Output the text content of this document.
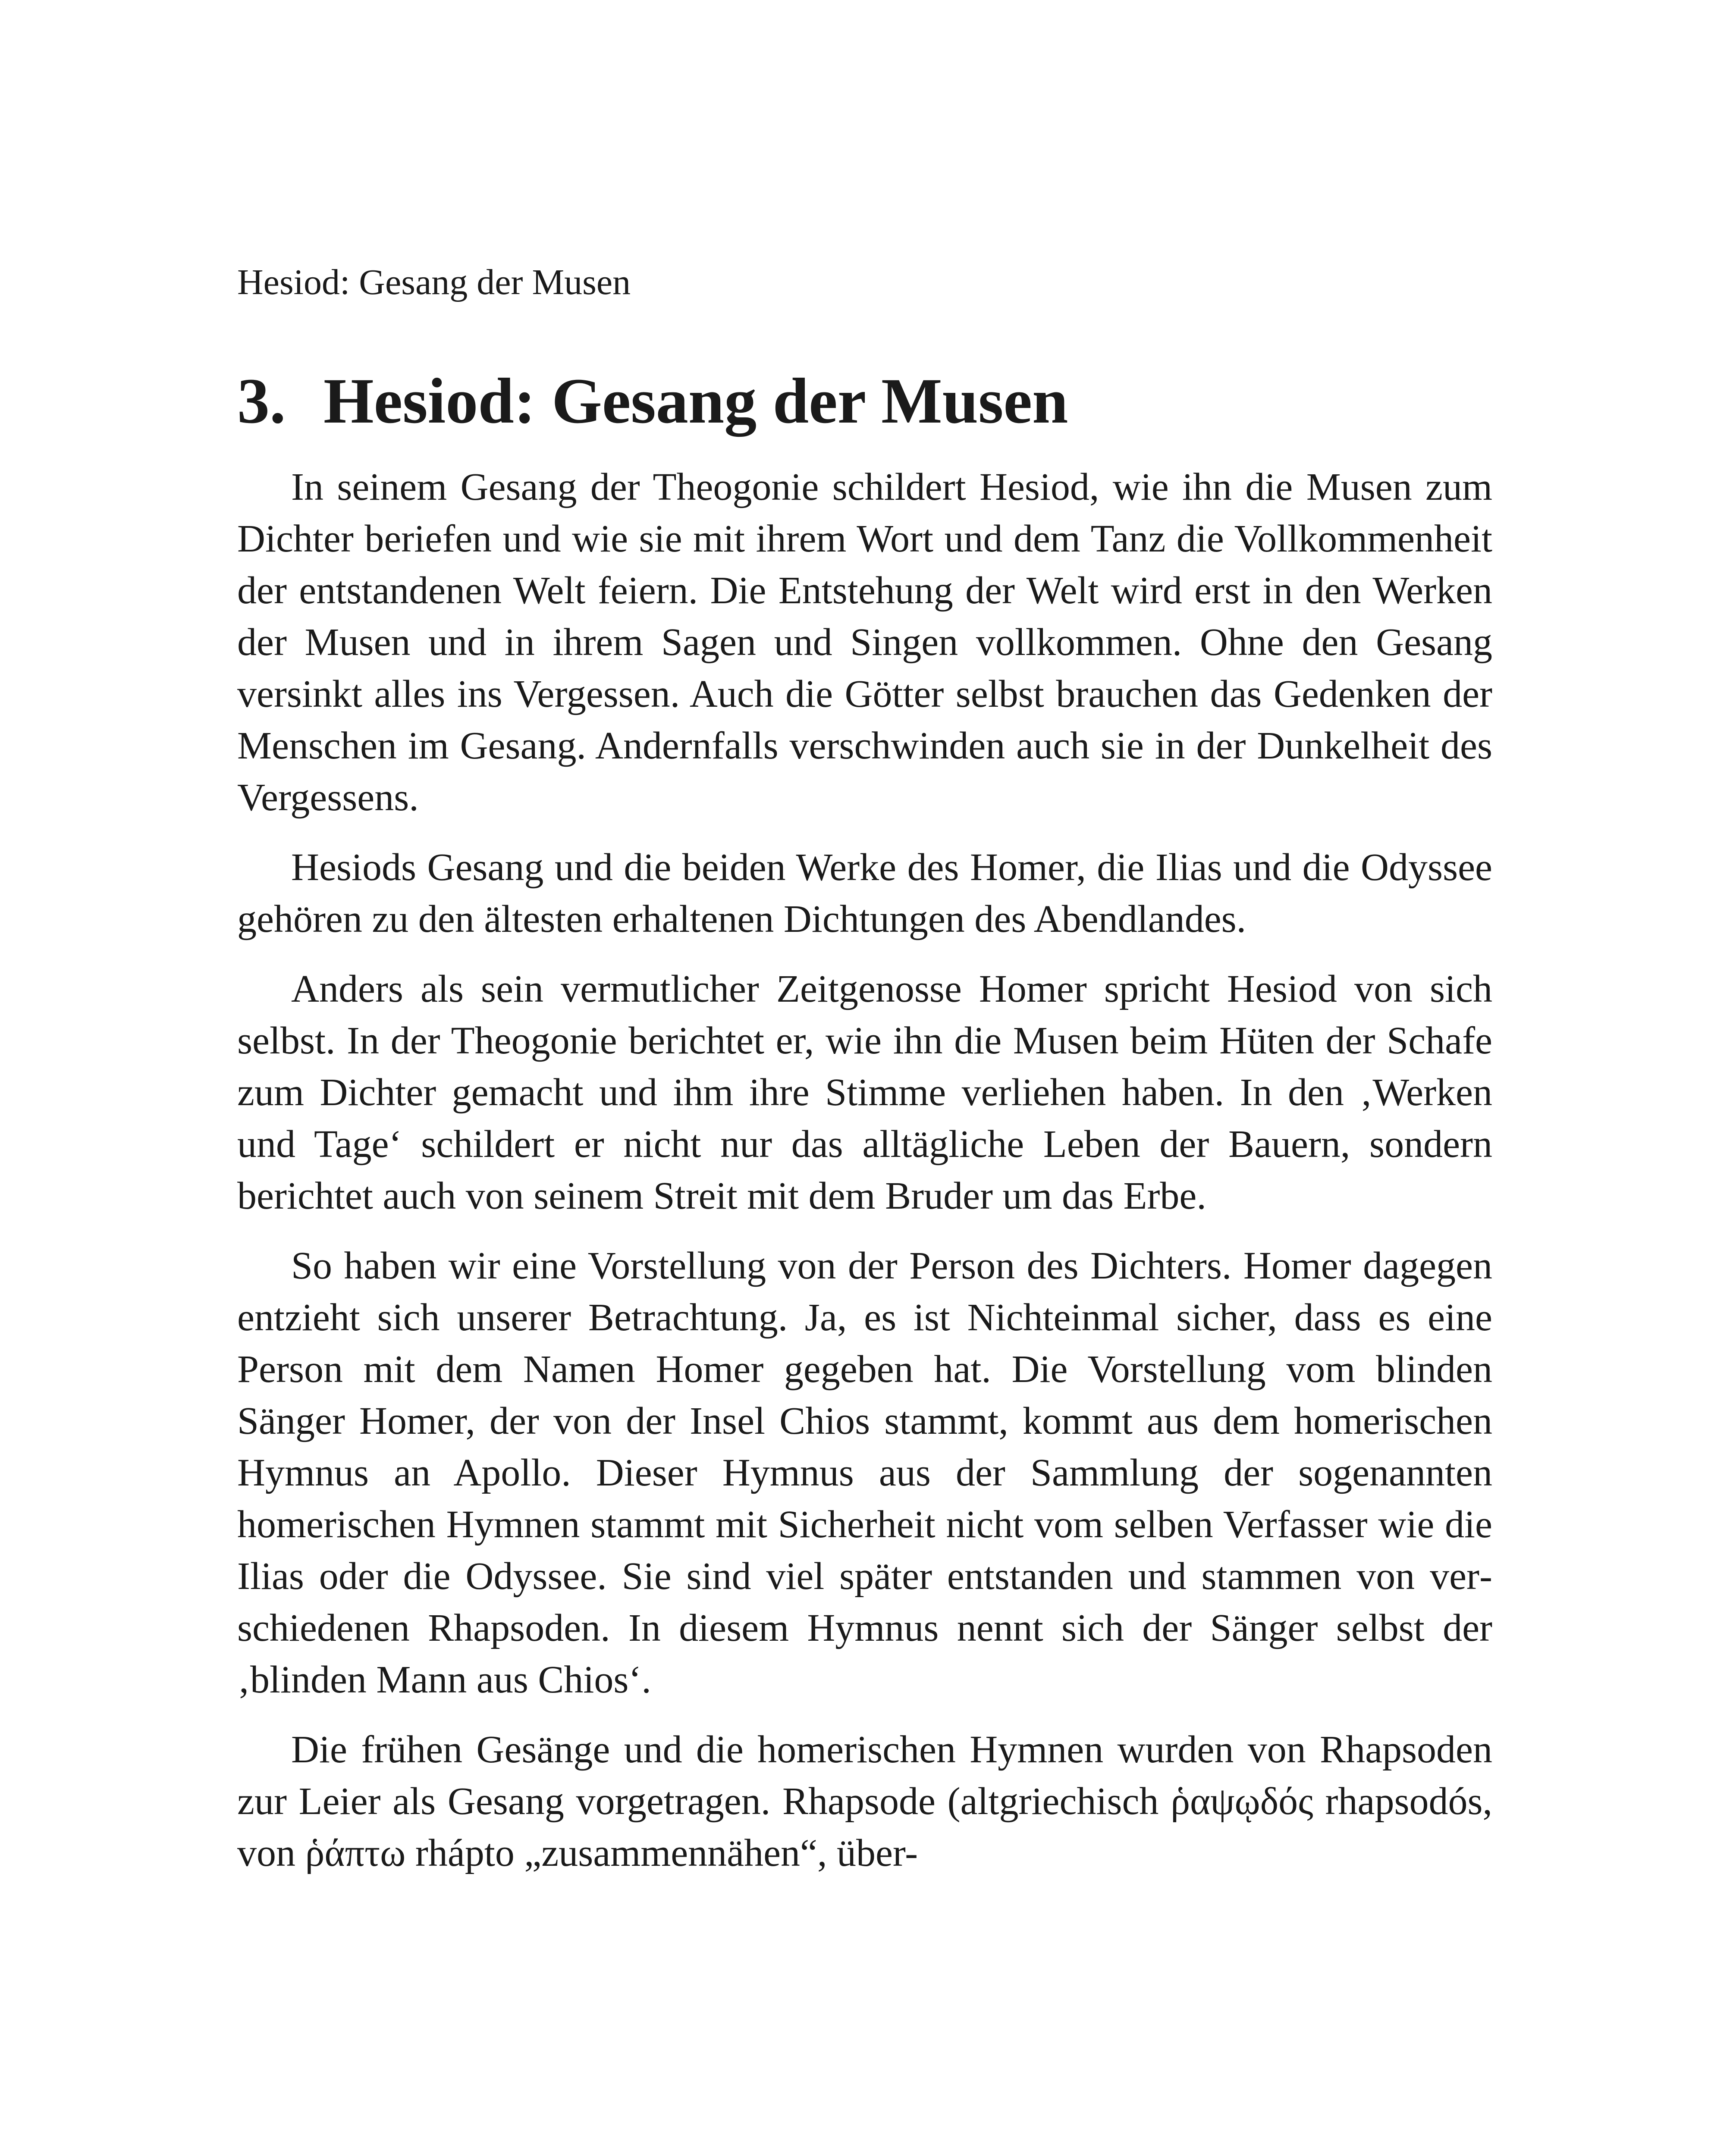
Hesiod: Gesang der Musen

3. Hesiod: Gesang der Musen

In seinem Gesang der Theogonie schildert Hesiod, wie ihn die Musen zum Dichter beriefen und wie sie mit ihrem Wort und dem Tanz die Vollkommenheit der entstandenen Welt feiern. Die Entstehung der Welt wird erst in den Werken der Musen und in ihrem Sagen und Singen vollkommen. Ohne den Gesang versinkt alles ins Vergessen. Auch die Götter selbst brauchen das Gedenken der Menschen im Gesang. Andernfalls verschwinden auch sie in der Dunkelheit des Vergessens.

Hesiods Gesang und die beiden Werke des Homer, die Ilias und die Odyssee gehören zu den ältesten erhaltenen Dichtungen des Abendlandes.

Anders als sein vermutlicher Zeitgenosse Homer spricht Hesiod von sich selbst. In der Theogonie berichtet er, wie ihn die Musen beim Hüten der Schafe zum Dichter gemacht und ihm ihre Stimme verliehen haben. In den ‚Werken und Tage‘ schildert er nicht nur das alltägliche Leben der Bauern, sondern berichtet auch von seinem Streit mit dem Bruder um das Erbe.

So haben wir eine Vorstellung von der Person des Dichters. Homer dagegen entzieht sich unserer Betrachtung. Ja, es ist Nichteinmal sicher, dass es eine Person mit dem Namen Homer gegeben hat. Die Vorstellung vom blinden Sänger Homer, der von der Insel Chios stammt, kommt aus dem homerischen Hymnus an Apollo. Dieser Hymnus aus der Sammlung der sogenannten homerischen Hymnen stammt mit Sicherheit nicht vom selben Verfasser wie die Ilias oder die Odyssee. Sie sind viel später entstanden und stammen von verschiedenen Rhapsoden. In diesem Hymnus nennt sich der Sänger selbst der ‚blinden Mann aus Chios‘.

Die frühen Gesänge und die homerischen Hymnen wurden von Rhapsoden zur Leier als Gesang vorgetragen. Rhapsode (altgriechisch ῥαψῳδός rhapsodós, von ῥάπτω rhápto „zusammennähen“, über-
